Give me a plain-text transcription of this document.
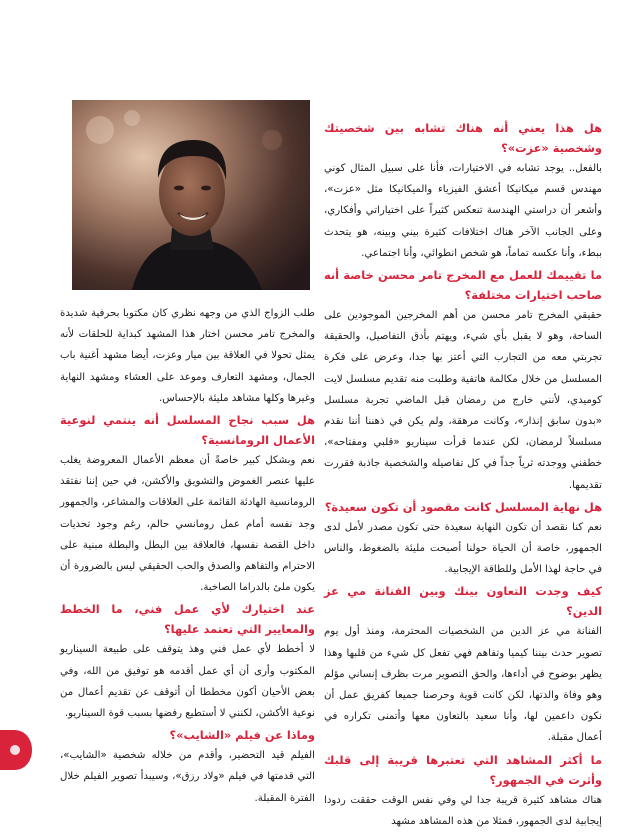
هل هذا يعني أنه هناك تشابه بين شخصيتك وشخصية «عزت»؟

بالفعل.. يوجد تشابه في الاختيارات، فأنا على سبيل المثال كوني مهندس قسم ميكانيكا أعشق الفيزياء والميكانيكا مثل «عزت»، وأشعر أن دراستي الهندسة تنعكس كثيراً على اختياراتي وأفكاري، وعلى الجانب الآخر هناك اختلافات كثيرة بيني وبينه، هو يتحدث ببطء، وأنا عكسه تماماً، هو شخص انطوائي، وأنا اجتماعي.

ما تقييمك للعمل مع المخرج تامر محسن خاصة أنه صاحب اختيارات مختلفة؟

حقيقي المخرج تامر محسن من أهم المخرجين الموجودين على الساحة، وهو لا يقبل بأي شيء، ويهتم بأدق التفاصيل، والحقيقة تجربتي معه من التجارب التي أعتز بها جدا، وعرض على فكرة المسلسل من خلال مكالمة هاتفية وطلبت منه تقديم مسلسل لايت كوميدي، لأنني خارج من رمضان قبل الماضي تجربة مسلسل «بدون سابق إنذار»، وكانت مرهقة، ولم يكن في ذهننا أننا نقدم مسلسلاً لرمضان، لكن عندما قرأت سيناريو «قلبي ومفتاحه»، خطفني ووجدته ثرياً جداً في كل تفاصيله والشخصية جاذبة فقررت تقديمها.

هل نهاية المسلسل كانت مقصود أن تكون سعيدة؟

نعم كنا نقصد أن تكون النهاية سعيدة حتى تكون مصدر لأمل لدى الجمهور، خاصة أن الحياة حولنا أصبحت مليئة بالضغوط، والناس في حاجة لهذا الأمل وللطاقة الإيجابية.

كيف وجدت التعاون بينك وبين الفنانة مي عز الدين؟

الفنانة مي عز الدين من الشخصيات المحترمة، ومنذ أول يوم تصوير حدث بيننا كيميا وتفاهم فهي تفعل كل شيء من قلبها وهذا يظهر بوضوح في أداءها، والحق التصوير مرت بظرف إنساني مؤلم وهو وفاة والدتها، لكن كانت قوية وحرصنا جميعا كفريق عمل أن نكون داعمين لها، وأنا سعيد بالتعاون معها وأتمنى تكراره في أعمال مقبلة.

ما أكثر المشاهد التي تعتبرها قريبة إلى قلبك وأثرت في الجمهور؟

هناك مشاهد كثيرة قريبة جدا لي وفي نفس الوقت حققت ردودا إيجابية لدى الجمهور، فمثلا من هذه المشاهد مشهد

طلب الزواج الذي من وجهه نظري كان مكتوبا بحرفية شديدة والمخرج تامر محسن اختار هذا المشهد كبداية للحلقات لأنه يمثل تحولا في العلاقة بين ميار وعزت، أيضا مشهد أغنية باب الجمال، ومشهد التعارف وموعد على العشاء ومشهد النهاية وغيرها وكلها مشاهد مليئة بالإحساس.

هل سبب نجاح المسلسل أنه ينتمي لنوعية الأعمال الرومانسية؟

نعم وبشكل كبير خاصةً أن معظم الأعمال المعروضة يغلب عليها عنصر الغموض والتشويق والأكشن، في حين إننا نفتقد الرومانسية الهادئة القائمة على العلاقات والمشاعر، والجمهور وجد نفسه أمام عمل رومانسي حالم، رغم وجود تحديات داخل القصة نفسها، فالعلاقة بين البطل والبطلة مبنية على الاحترام والتفاهم والصدق والحب الحقيقي ليس بالضرورة أن يكون ملئ بالدراما الصاخبة.

عند اختيارك لأي عمل فني، ما الخطط والمعايير التي تعتمد عليها؟

لا أخطط لأي عمل فني وهذ يتوقف على طبيعة السيناريو المكتوب وأرى أن أي عمل أقدمه هو توفيق من الله، وفي بعض الأحيان أكون مخططا أن أتوقف عن تقديم أعمال من نوعية الأكشن، لكنني لا أستطيع رفضها بسبب قوة السيناريو.

وماذا عن فيلم «الشايب»؟

الفيلم قيد التحضير، وأقدم من خلاله شخصية «الشايب»، التي قدمتها في فيلم «ولاد رزق»، وسيبدأ تصوير الفيلم خلال الفترة المقبلة.
